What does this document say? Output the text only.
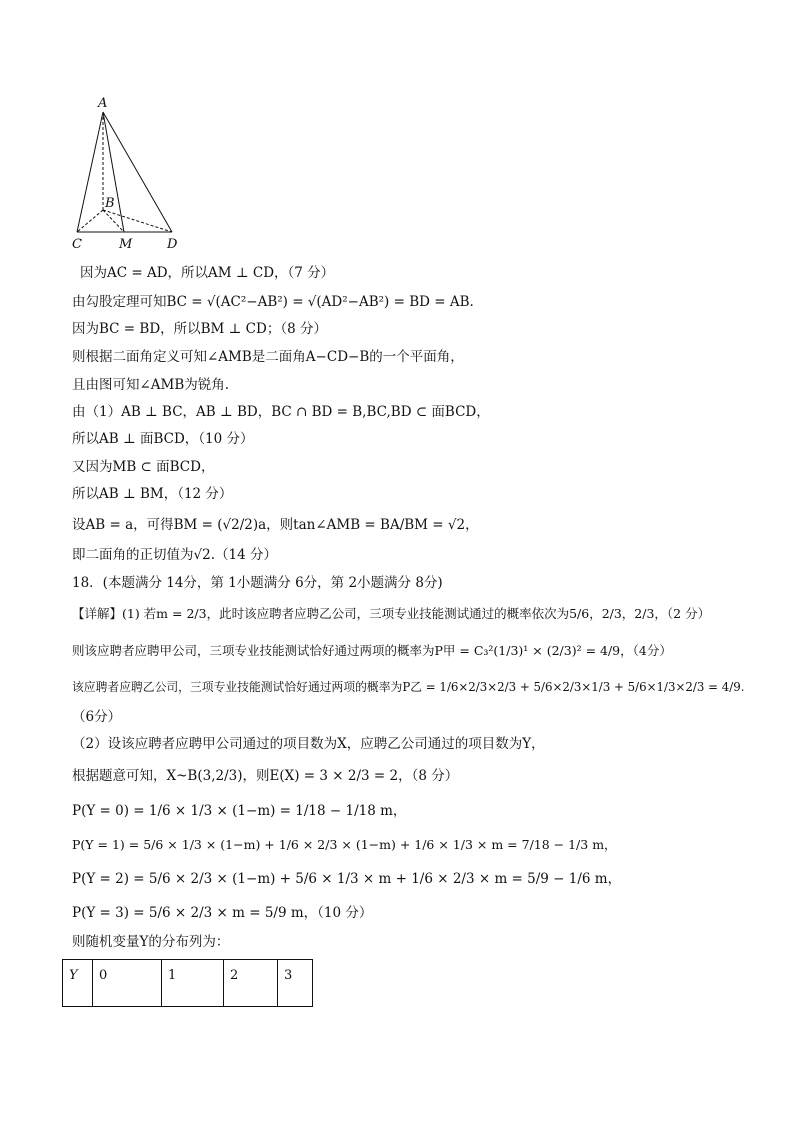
A
B
C	M	D
因为AC = AD，所以AM ⊥ CD，（7 分）
由勾股定理可知BC = √(AC²−AB²) = √(AD²−AB²) = BD = AB.
因为BC = BD，所以BM ⊥ CD；（8 分）
则根据二面角定义可知∠AMB是二面角A−CD−B的一个平面角，
且由图可知∠AMB为锐角.
由（1）AB ⊥ BC，AB ⊥ BD，BC ∩ BD = B,BC,BD ⊂ 面BCD，
所以AB ⊥ 面BCD，（10 分）
又因为MB ⊂ 面BCD，
所以AB ⊥ BM，（12 分）
设AB = a，可得BM = (√2/2)a，则tan∠AMB = BA/BM = √2，
即二面角的正切值为√2.（14 分）
18．(本题满分 14分，第 1小题满分 6分，第 2小题满分 8分)
【详解】(1) 若m = 2/3，此时该应聘者应聘乙公司，三项专业技能测试通过的概率依次为5/6，2/3，2/3，（2 分）
则该应聘者应聘甲公司，三项专业技能测试恰好通过两项的概率为P甲 = C₃²(1/3)¹ × (2/3)² = 4/9，（4分）
该应聘者应聘乙公司，三项专业技能测试恰好通过两项的概率为P乙 = 1/6×2/3×2/3 + 5/6×2/3×1/3 + 5/6×1/3×2/3 = 4/9.
（6分）
（2）设该应聘者应聘甲公司通过的项目数为X，应聘乙公司通过的项目数为Y，
根据题意可知，X~B(3,2/3)，则E(X) = 3 × 2/3 = 2，（8 分）
P(Y = 0) = 1/6 × 1/3 × (1−m) = 1/18 − 1/18 m，
P(Y = 1) = 5/6 × 1/3 × (1−m) + 1/6 × 2/3 × (1−m) + 1/6 × 1/3 × m = 7/18 − 1/3 m，
P(Y = 2) = 5/6 × 2/3 × (1−m) + 5/6 × 1/3 × m + 1/6 × 2/3 × m = 5/9 − 1/6 m，
P(Y = 3) = 5/6 × 2/3 × m = 5/9 m，（10 分）
则随机变量Y的分布列为：
Y	0	1	2	3
